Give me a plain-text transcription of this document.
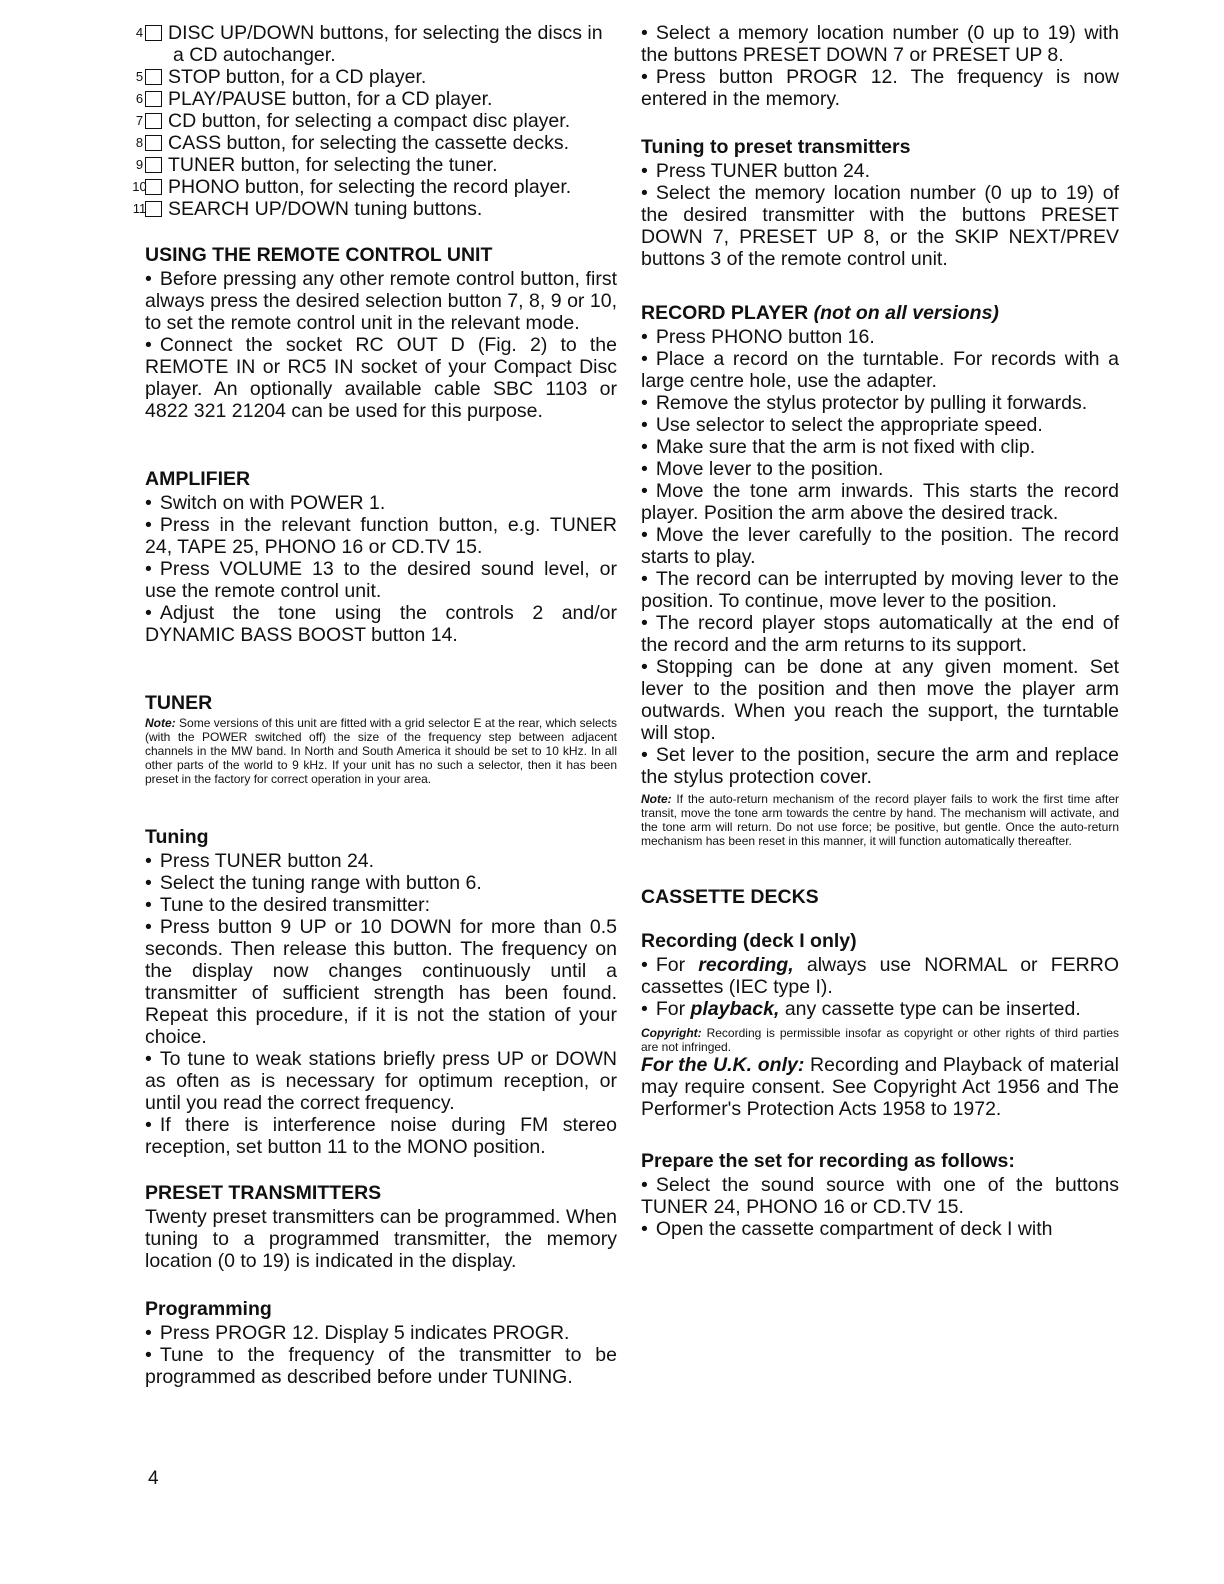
4 DISC UP/DOWN buttons, for selecting the discs in a CD autochanger.

5 STOP button, for a CD player.

6 PLAY/PAUSE button, for a CD player.

7 CD button, for selecting a compact disc player.

8 CASS button, for selecting the cassette decks.

9 TUNER button, for selecting the tuner.

10 PHONO button, for selecting the record player.

11 SEARCH UP/DOWN tuning buttons.

USING THE REMOTE CONTROL UNIT

• Before pressing any other remote control button, first always press the desired selection button 7, 8, 9 or 10, to set the remote control unit in the relevant mode.

• Connect the socket RC OUT D (Fig. 2) to the REMOTE IN or RC5 IN socket of your Compact Disc player. An optionally available cable SBC 1103 or 4822 321 21204 can be used for this purpose.

AMPLIFIER

• Switch on with POWER 1.

• Press in the relevant function button, e.g. TUNER 24, TAPE 25, PHONO 16 or CD.TV 15.

• Press VOLUME 13 to the desired sound level, or use the remote control unit.

• Adjust the tone using the controls 2 and/or DYNAMIC BASS BOOST button 14.

TUNER

Note: Some versions of this unit are fitted with a grid selector E at the rear, which selects (with the POWER switched off) the size of the frequency step between adjacent channels in the MW band. In North and South America it should be set to 10 kHz. In all other parts of the world to 9 kHz. If your unit has no such a selector, then it has been preset in the factory for correct operation in your area.

Tuning

• Press TUNER button 24.

• Select the tuning range with button 6.

• Tune to the desired transmitter:

• Press button 9 UP or 10 DOWN for more than 0.5 seconds. Then release this button. The frequency on the display now changes continuously until a transmitter of sufficient strength has been found. Repeat this procedure, if it is not the station of your choice.

• To tune to weak stations briefly press UP or DOWN as often as is necessary for optimum reception, or until you read the correct frequency.

• If there is interference noise during FM stereo reception, set button 11 to the MONO position.

PRESET TRANSMITTERS

Twenty preset transmitters can be programmed. When tuning to a programmed transmitter, the memory location (0 to 19) is indicated in the display.

Programming

• Press PROGR 12. Display 5 indicates PROGR.

• Tune to the frequency of the transmitter to be programmed as described before under TUNING.

• Select a memory location number (0 up to 19) with the buttons PRESET DOWN 7 or PRESET UP 8.

• Press button PROGR 12. The frequency is now entered in the memory.

Tuning to preset transmitters

• Press TUNER button 24.

• Select the memory location number (0 up to 19) of the desired transmitter with the buttons PRESET DOWN 7, PRESET UP 8, or the SKIP NEXT/PREV buttons 3 of the remote control unit.

RECORD PLAYER (not on all versions)

• Press PHONO button 16.

• Place a record on the turntable. For records with a large centre hole, use the adapter.

• Remove the stylus protector by pulling it forwards.

• Use selector to select the appropriate speed.

• Make sure that the arm is not fixed with clip.

• Move lever to the position.

• Move the tone arm inwards. This starts the record player. Position the arm above the desired track.

• Move the lever carefully to the position. The record starts to play.

• The record can be interrupted by moving lever to the position. To continue, move lever to the position.

• The record player stops automatically at the end of the record and the arm returns to its support.

• Stopping can be done at any given moment. Set lever to the position and then move the player arm outwards. When you reach the support, the turntable will stop.

• Set lever to the position, secure the arm and replace the stylus protection cover.

Note: If the auto-return mechanism of the record player fails to work the first time after transit, move the tone arm towards the centre by hand. The mechanism will activate, and the tone arm will return. Do not use force; be positive, but gentle. Once the auto-return mechanism has been reset in this manner, it will function automatically thereafter.

CASSETTE DECKS
Recording (deck I only)

• For recording, always use NORMAL or FERRO cassettes (IEC type I).

• For playback, any cassette type can be inserted.

Copyright: Recording is permissible insofar as copyright or other rights of third parties are not infringed.

For the U.K. only: Recording and Playback of material may require consent. See Copyright Act 1956 and The Performer's Protection Acts 1958 to 1972.

Prepare the set for recording as follows:

• Select the sound source with one of the buttons TUNER 24, PHONO 16 or CD.TV 15.

• Open the cassette compartment of deck I with

4
